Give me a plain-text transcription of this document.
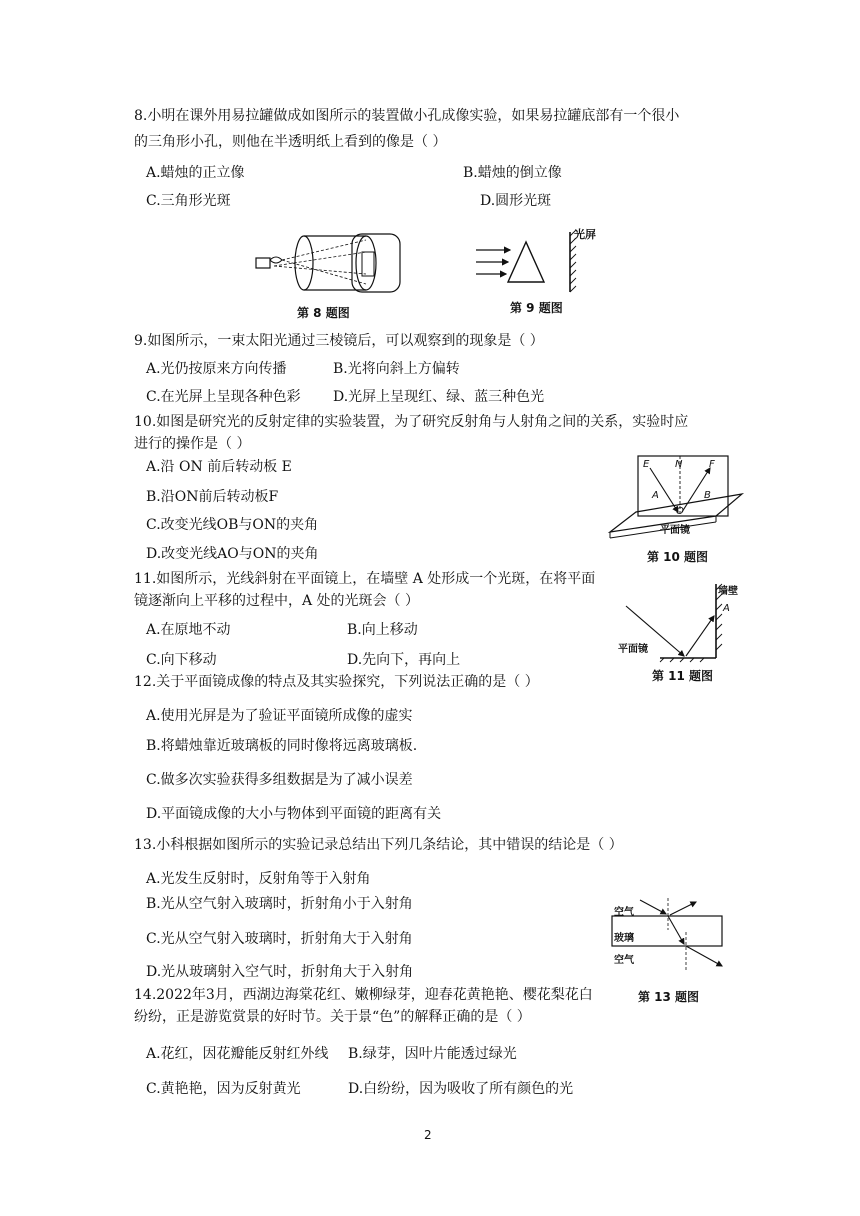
8.小明在课外用易拉罐做成如图所示的装置做小孔成像实验，如果易拉罐底部有一个很小
的三角形小孔，则他在半透明纸上看到的像是（ ）
A.蜡烛的正立像	B.蜡烛的倒立像
C.三角形光斑	D.圆形光斑
第 8 题图
光屏
第 9 题图
9.如图所示，一束太阳光通过三棱镜后，可以观察到的现象是（ ）
A.光仍按原来方向传播	B.光将向斜上方偏转
C.在光屏上呈现各种色彩 D.光屏上呈现红、绿、蓝三种色光
10.如图是研究光的反射定律的实验装置，为了研究反射角与人射角之间的关系，实验时应
进行的操作是（ ）
A.沿 ON 前后转动板 E
B.沿ON前后转动板F
C.改变光线OB与ON的夹角
D.改变光线AO与ON的夹角
E	N	F
A	B
O
平面镜
第 10 题图
11.如图所示，光线斜射在平面镜上，在墙壁 A 处形成一个光斑，在将平面
镜逐渐向上平移的过程中，A 处的光斑会（ ）
A.在原地不动	B.向上移动
C.向下移动	D.先向下，再向上
墙壁
A
平面镜
第 11 题图
12.关于平面镜成像的特点及其实验探究，下列说法正确的是（ ）
A.使用光屏是为了验证平面镜所成像的虚实
B.将蜡烛靠近玻璃板的同时像将远离玻璃板.
C.做多次实验获得多组数据是为了减小误差
D.平面镜成像的大小与物体到平面镜的距离有关
13.小科根据如图所示的实验记录总结出下列几条结论，其中错误的结论是（ ）
A.光发生反射时，反射角等于入射角
B.光从空气射入玻璃时，折射角小于入射角
C.光从空气射入玻璃时，折射角大于入射角
D.光从玻璃射入空气时，折射角大于入射角
空气
玻璃
空气
第 13 题图
14.2022年3月，西湖边海棠花红、嫩柳绿芽，迎春花黄艳艳、樱花梨花白
纷纷，正是游览赏景的好时节。关于景“色”的解释正确的是（ ）
A.花红，因花瓣能反射红外线 B.绿芽，因叶片能透过绿光
C.黄艳艳，因为反射黄光	D.白纷纷，因为吸收了所有颜色的光
2
